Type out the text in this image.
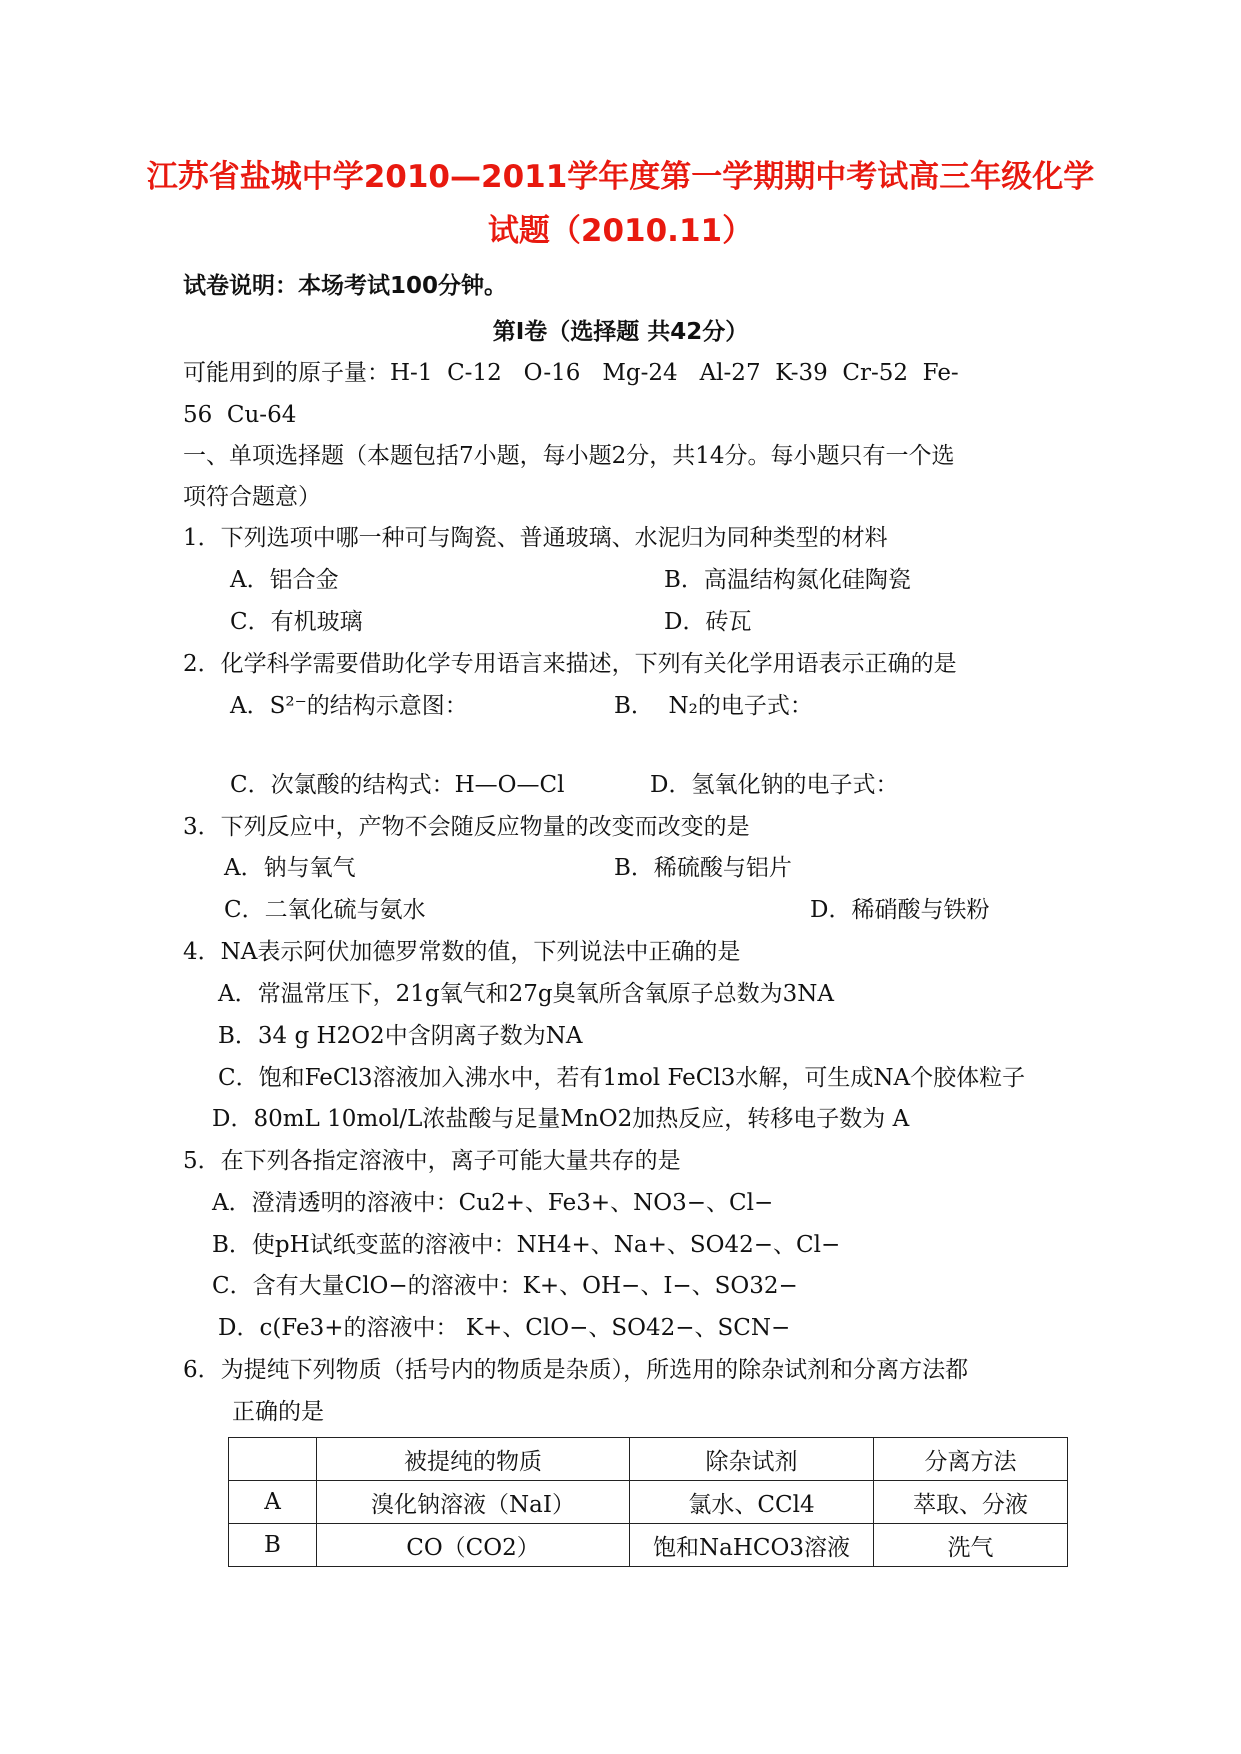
江苏省盐城中学2010—2011学年度第一学期期中考试高三年级化学
试题（2010.11）
试卷说明：本场考试100分钟。
第Ⅰ卷（选择题 共42分）
可能用到的原子量：H-1  C-12   O-16   Mg-24   Al-27  K-39  Cr-52  Fe-
56  Cu-64
一、单项选择题（本题包括7小题，每小题2分，共14分。每小题只有一个选
项符合题意）
1．下列选项中哪一种可与陶瓷、普通玻璃、水泥归为同种类型的材料
A．铝合金	B．高温结构氮化硅陶瓷
C．有机玻璃	D．砖瓦
2．化学科学需要借助化学专用语言来描述，下列有关化学用语表示正确的是
A．S²⁻的结构示意图：	B．  N₂的电子式：
C．次氯酸的结构式：H—O—Cl	D．氢氧化钠的电子式：
3．下列反应中，产物不会随反应物量的改变而改变的是
A．钠与氧气	B．稀硫酸与铝片
C．二氧化硫与氨水	D．稀硝酸与铁粉
4．NA表示阿伏加德罗常数的值，下列说法中正确的是
A．常温常压下，21g氧气和27g臭氧所含氧原子总数为3NA
B．34 g H2O2中含阴离子数为NA
C．饱和FeCl3溶液加入沸水中，若有1mol FeCl3水解，可生成NA个胶体粒子
D．80mL 10mol/L浓盐酸与足量MnO2加热反应，转移电子数为 A
5．在下列各指定溶液中，离子可能大量共存的是
A．澄清透明的溶液中：Cu2+、Fe3+、NO3−、Cl−
B．使pH试纸变蓝的溶液中：NH4+、Na+、SO42−、Cl−
C．含有大量ClO−的溶液中：K+、OH−、I−、SO32−
D．c(Fe3+的溶液中： K+、ClO−、SO42−、SCN−
6．为提纯下列物质（括号内的物质是杂质），所选用的除杂试剂和分离方法都
正确的是
	被提纯的物质	除杂试剂	分离方法
A	溴化钠溶液（NaI）	氯水、CCl4	萃取、分液
B	CO（CO2）	饱和NaHCO3溶液	洗气
